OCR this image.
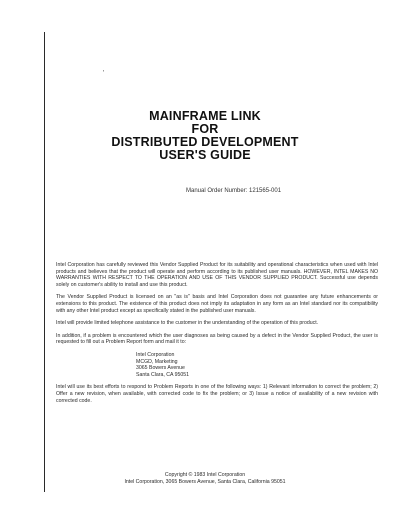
'
MAINFRAME LINK
FOR
DISTRIBUTED DEVELOPMENT
USER'S GUIDE
Manual Order Number: 121565-001

Intel Corporation has carefully reviewed this Vendor Supplied Product for its suitability and operational characteristics when used with Intel products and believes that the product will operate and perform according to its published user manuals. HOWEVER, INTEL MAKES NO WARRANTIES WITH RESPECT TO THE OPERATION AND USE OF THIS VENDOR SUPPLIED PRODUCT. Successful use depends solely on customer's ability to install and use this product.

The Vendor Supplied Product is licensed on an "as is" basis and Intel Corporation does not guarantee any future enhancements or extensions to this product. The existence of this product does not imply its adaptation in any form as an Intel standard nor its compatibility with any other Intel product except as specifically stated in the published user manuals.

Intel will provide limited telephone assistance to the customer in the understanding of the operation of this product.

In addition, if a problem is encountered which the user diagnoses as being caused by a defect in the Vendor Supplied Product, the user is requested to fill out a Problem Report form and mail it to:

Intel Corporation
MCGD, Marketing
3065 Bowers Avenue
Santa Clara, CA 95051

Intel will use its best efforts to respond to Problem Reports in one of the following ways: 1) Relevant information to correct the problem; 2) Offer a new revision, when available, with corrected code to fix the problem; or 3) Issue a notice of availability of a new revision with corrected code.

Copyright © 1983 Intel Corporation
Intel Corporation, 3065 Bowers Avenue, Santa Clara, California 95051
